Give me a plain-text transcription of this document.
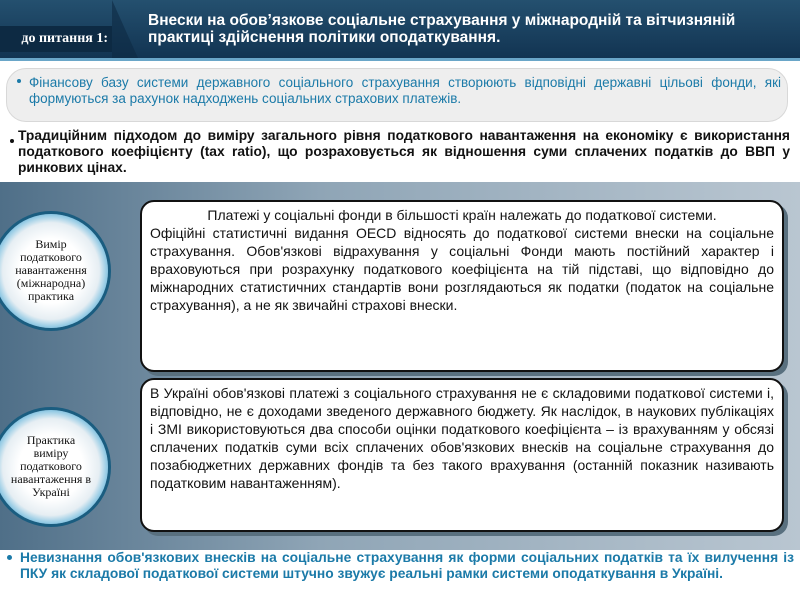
до питання 1:
Внески на обов’язкове соціальне страхування у міжнародній та вітчизняній практиці здійснення політики оподаткування.

Фінансову базу системи державного соціального страхування створюють відповідні державні цільові фонди, які формуються за рахунок надходжень соціальних страхових платежів.

Традиційним підходом до виміру загального рівня податкового навантаження на економіку є використання податкового коефіцієнту (tax ratio), що розраховується як відношення суми сплачених податків до ВВП у ринкових цінах.
Платежі у соціальні фонди в більшості країн належать до податкової системи.
Офіційні статистичні видання OECD відносять до податкової системи внески на соціальне страхування. Обов'язкові відрахування у соціальні Фонди мають постійний характер і враховуються при розрахунку податкового коефіцієнта на тій підставі, що відповідно до міжнародних статистичних стандартів вони розглядаються як податки (податок на соціальне страхування), а не як звичайні страхові внески.
В Україні обов'язкові платежі з соціального страхування не є складовими податкової системи і, відповідно, не є доходами зведеного державного бюджету. Як наслідок, в наукових публікаціях і ЗМІ використовуються два способи оцінки податкового коефіцієнта – із врахуванням у обсязі сплачених податків суми всіх сплачених обов'язкових внесків на соціальне страхування до позабюджетних державних фондів та без такого врахування (останній показник називають податковим навантаженням).
Вимір податкового навантаження (міжнародна) практика
Практика виміру податкового навантаження в Україні
Невизнання обов'язкових внесків на соціальне страхування як форми соціальних податків та їх вилучення із ПКУ як складової податкової системи штучно звужує реальні рамки системи оподаткування в Україні.
